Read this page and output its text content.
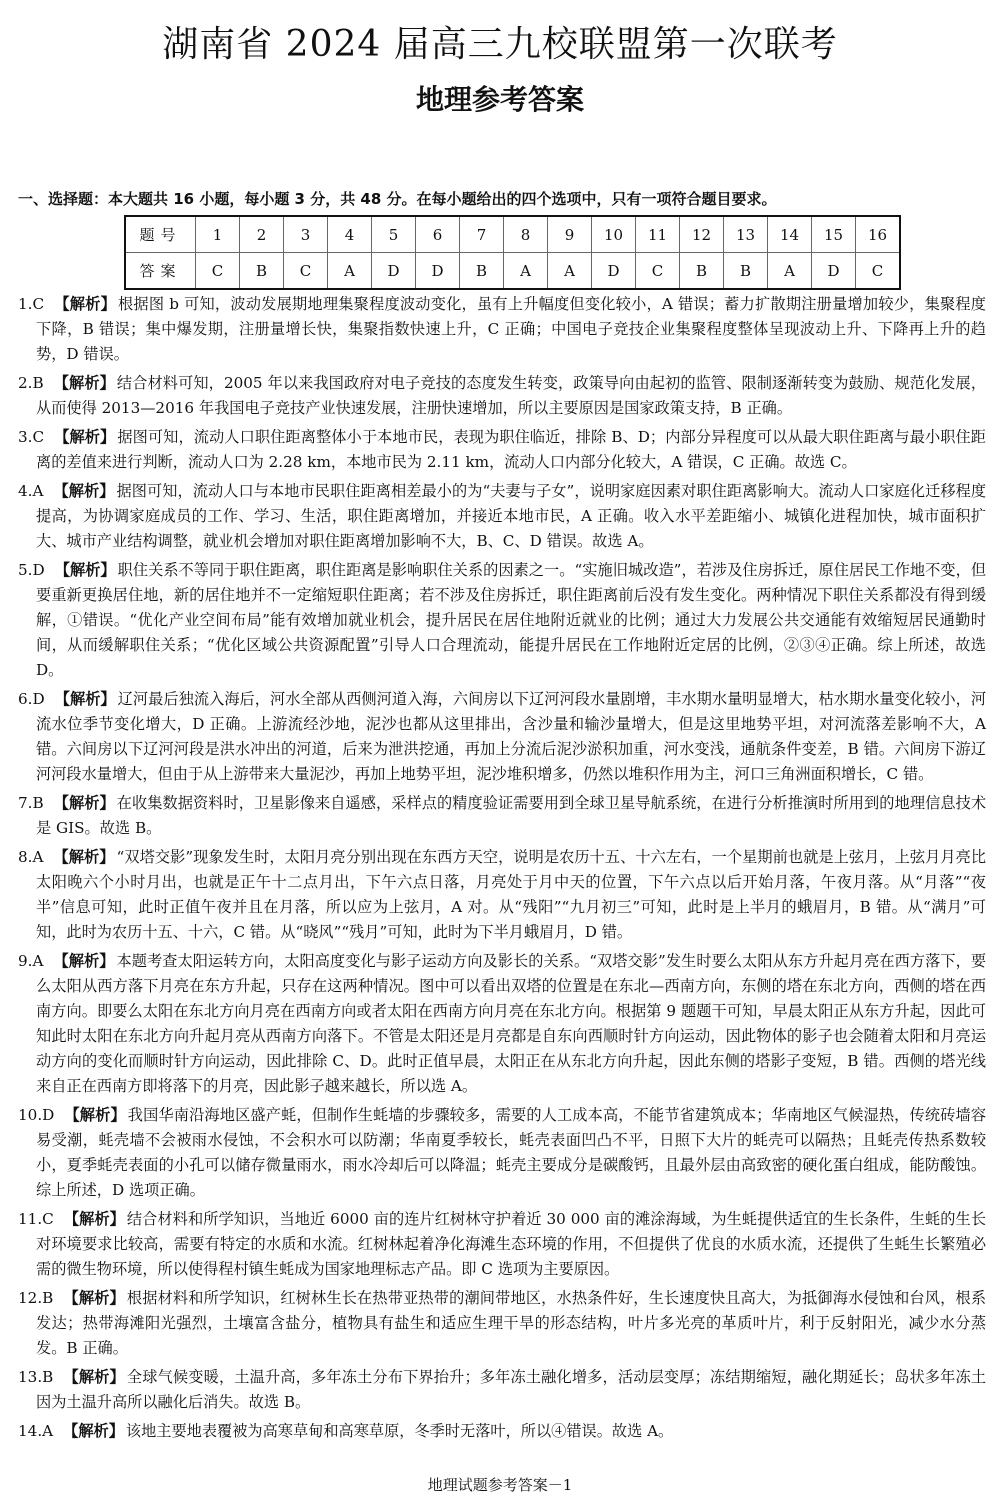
湖南省 2024 届高三九校联盟第一次联考
地理参考答案
一、选择题：本大题共 16 小题，每小题 3 分，共 48 分。在每小题给出的四个选项中，只有一项符合题目要求。
题号	1	2	3	4	5	6	7	8	9	10	11	12	13	14	15	16
答案	C	B	C	A	D	D	B	A	A	D	C	B	B	A	D	C
1.C 【解析】 根据图 b 可知，波动发展期地理集聚程度波动变化，虽有上升幅度但变化较小，A 错误；蓄力扩散期注册量增加较少，集聚程度下降，B 错误；集中爆发期，注册量增长快，集聚指数快速上升，C 正确；中国电子竞技企业集聚程度整体呈现波动上升、下降再上升的趋势，D 错误。
2.B 【解析】 结合材料可知，2005 年以来我国政府对电子竞技的态度发生转变，政策导向由起初的监管、限制逐渐转变为鼓励、规范化发展，从而使得 2013—2016 年我国电子竞技产业快速发展，注册快速增加，所以主要原因是国家政策支持，B 正确。
3.C 【解析】 据图可知，流动人口职住距离整体小于本地市民，表现为职住临近，排除 B、D；内部分异程度可以从最大职住距离与最小职住距离的差值来进行判断，流动人口为 2.28 km，本地市民为 2.11 km，流动人口内部分化较大，A 错误，C 正确。故选 C。
4.A 【解析】 据图可知，流动人口与本地市民职住距离相差最小的为“夫妻与子女”，说明家庭因素对职住距离影响大。流动人口家庭化迁移程度提高，为协调家庭成员的工作、学习、生活，职住距离增加，并接近本地市民，A 正确。收入水平差距缩小、城镇化进程加快，城市面积扩大、城市产业结构调整，就业机会增加对职住距离增加影响不大，B、C、D 错误。故选 A。
5.D 【解析】 职住关系不等同于职住距离，职住距离是影响职住关系的因素之一。“实施旧城改造”，若涉及住房拆迁，原住居民工作地不变，但要重新更换居住地，新的居住地并不一定缩短职住距离；若不涉及住房拆迁，职住距离前后没有发生变化。两种情况下职住关系都没有得到缓解，①错误。“优化产业空间布局”能有效增加就业机会，提升居民在居住地附近就业的比例；通过大力发展公共交通能有效缩短居民通勤时间，从而缓解职住关系；“优化区域公共资源配置”引导人口合理流动，能提升居民在工作地附近定居的比例，②③④正确。综上所述，故选 D。
6.D 【解析】 辽河最后独流入海后，河水全部从西侧河道入海，六间房以下辽河河段水量剧增，丰水期水量明显增大，枯水期水量变化较小，河流水位季节变化增大，D 正确。上游流经沙地，泥沙也都从这里排出，含沙量和输沙量增大，但是这里地势平坦，对河流落差影响不大，A 错。六间房以下辽河河段是洪水冲出的河道，后来为泄洪挖通，再加上分流后泥沙淤积加重，河水变浅，通航条件变差，B 错。六间房下游辽河河段水量增大，但由于从上游带来大量泥沙，再加上地势平坦，泥沙堆积增多，仍然以堆积作用为主，河口三角洲面积增长，C 错。
7.B 【解析】 在收集数据资料时，卫星影像来自遥感，采样点的精度验证需要用到全球卫星导航系统，在进行分析推演时所用到的地理信息技术是 GIS。故选 B。
8.A 【解析】 “双塔交影”现象发生时，太阳月亮分别出现在东西方天空，说明是农历十五、十六左右，一个星期前也就是上弦月，上弦月月亮比太阳晚六个小时月出，也就是正午十二点月出，下午六点日落，月亮处于月中天的位置，下午六点以后开始月落，午夜月落。从“月落”“夜半”信息可知，此时正值午夜并且在月落，所以应为上弦月，A 对。从“残阳”“九月初三”可知，此时是上半月的蛾眉月，B 错。从“满月”可知，此时为农历十五、十六，C 错。从“晓风”“残月”可知，此时为下半月蛾眉月，D 错。
9.A 【解析】 本题考查太阳运转方向，太阳高度变化与影子运动方向及影长的关系。“双塔交影”发生时要么太阳从东方升起月亮在西方落下，要么太阳从西方落下月亮在东方升起，只存在这两种情况。图中可以看出双塔的位置是在东北—西南方向，东侧的塔在东北方向，西侧的塔在西南方向。即要么太阳在东北方向月亮在西南方向或者太阳在西南方向月亮在东北方向。根据第 9 题题干可知，早晨太阳正从东方升起，因此可知此时太阳在东北方向升起月亮从西南方向落下。不管是太阳还是月亮都是自东向西顺时针方向运动，因此物体的影子也会随着太阳和月亮运动方向的变化而顺时针方向运动，因此排除 C、D。此时正值早晨，太阳正在从东北方向升起，因此东侧的塔影子变短，B 错。西侧的塔光线来自正在西南方即将落下的月亮，因此影子越来越长，所以选 A。
10.D 【解析】 我国华南沿海地区盛产蚝，但制作生蚝墙的步骤较多，需要的人工成本高，不能节省建筑成本；华南地区气候湿热，传统砖墙容易受潮，蚝壳墙不会被雨水侵蚀，不会积水可以防潮；华南夏季较长，蚝壳表面凹凸不平，日照下大片的蚝壳可以隔热；且蚝壳传热系数较小，夏季蚝壳表面的小孔可以储存微量雨水，雨水冷却后可以降温；蚝壳主要成分是碳酸钙，且最外层由高致密的硬化蛋白组成，能防酸蚀。综上所述，D 选项正确。
11.C 【解析】 结合材料和所学知识，当地近 6000 亩的连片红树林守护着近 30 000 亩的滩涂海域，为生蚝提供适宜的生长条件，生蚝的生长对环境要求比较高，需要有特定的水质和水流。红树林起着净化海滩生态环境的作用，不但提供了优良的水质水流，还提供了生蚝生长繁殖必需的微生物环境，所以使得程村镇生蚝成为国家地理标志产品。即 C 选项为主要原因。
12.B 【解析】 根据材料和所学知识，红树林生长在热带亚热带的潮间带地区，水热条件好，生长速度快且高大，为抵御海水侵蚀和台风，根系发达；热带海滩阳光强烈，土壤富含盐分，植物具有盐生和适应生理干旱的形态结构，叶片多光亮的革质叶片，利于反射阳光，减少水分蒸发。B 正确。
13.B 【解析】 全球气候变暖，土温升高，多年冻土分布下界抬升；多年冻土融化增多，活动层变厚；冻结期缩短，融化期延长；岛状多年冻土因为土温升高所以融化后消失。故选 B。
14.A 【解析】 该地主要地表覆被为高寒草甸和高寒草原，冬季时无落叶，所以④错误。故选 A。
地理试题参考答案－1
